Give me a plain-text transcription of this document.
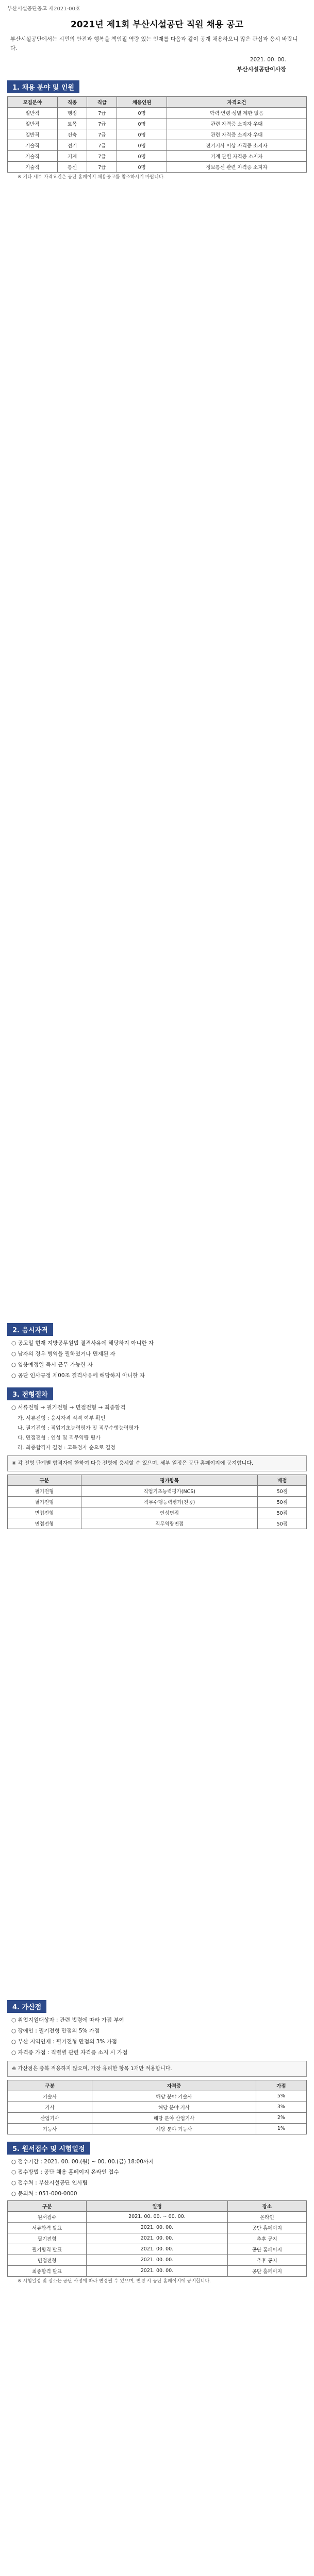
부산시설공단공고 제2021-00호
2021년 제1회 부산시설공단 직원 채용 공고
부산시설공단에서는 시민의 안전과 행복을 책임질 역량 있는 인재를 다음과 같이 공개 채용하오니 많은 관심과 응시 바랍니다.
2021. 00. 00.
부산시설공단이사장
1. 채용 분야 및 인원
모집분야	직종	직급	채용인원	자격요건
일반직	행정	7급	0명	학력·연령·성별 제한 없음
일반직	토목	7급	0명	관련 자격증 소지자 우대
일반직	건축	7급	0명	관련 자격증 소지자 우대
기술직	전기	7급	0명	전기기사 이상 자격증 소지자
기술직	기계	7급	0명	기계 관련 자격증 소지자
기술직	통신	7급	0명	정보통신 관련 자격증 소지자
※ 기타 세부 자격요건은 공단 홈페이지 채용공고를 참조하시기 바랍니다.
2. 응시자격
○ 공고일 현재 지방공무원법 결격사유에 해당하지 아니한 자
○ 남자의 경우 병역을 필하였거나 면제된 자
○ 임용예정일 즉시 근무 가능한 자
○ 공단 인사규정 제00조 결격사유에 해당하지 아니한 자
3. 전형절차
○ 서류전형 → 필기전형 → 면접전형 → 최종합격
가. 서류전형 : 응시자격 적격 여부 확인
나. 필기전형 : 직업기초능력평가 및 직무수행능력평가
다. 면접전형 : 인성 및 직무역량 평가
라. 최종합격자 결정 : 고득점자 순으로 결정
※ 각 전형 단계별 합격자에 한하여 다음 전형에 응시할 수 있으며, 세부 일정은 공단 홈페이지에 공지합니다.
구분	평가항목	배점
필기전형	직업기초능력평가(NCS)	50점
필기전형	직무수행능력평가(전공)	50점
면접전형	인성면접	50점
면접전형	직무역량면접	50점
4. 가산점
○ 취업지원대상자 : 관련 법령에 따라 가점 부여
○ 장애인 : 필기전형 만점의 5% 가점
○ 부산 지역인재 : 필기전형 만점의 3% 가점
○ 자격증 가점 : 직렬별 관련 자격증 소지 시 가점
※ 가산점은 중복 적용하지 않으며, 가장 유리한 항목 1개만 적용합니다.
구분	자격증	가점
기술사	해당 분야 기술사	5%
기사	해당 분야 기사	3%
산업기사	해당 분야 산업기사	2%
기능사	해당 분야 기능사	1%
5. 원서접수 및 시험일정
○ 접수기간 : 2021. 00. 00.(월) ~ 00. 00.(금) 18:00까지
○ 접수방법 : 공단 채용 홈페이지 온라인 접수
○ 접수처 : 부산시설공단 인사팀
○ 문의처 : 051-000-0000
구분	일정	장소
원서접수	2021. 00. 00. ~ 00. 00.	온라인
서류합격 발표	2021. 00. 00.	공단 홈페이지
필기전형	2021. 00. 00.	추후 공지
필기합격 발표	2021. 00. 00.	공단 홈페이지
면접전형	2021. 00. 00.	추후 공지
최종합격 발표	2021. 00. 00.	공단 홈페이지
※ 시험일정 및 장소는 공단 사정에 따라 변경될 수 있으며, 변경 시 공단 홈페이지에 공지합니다.
